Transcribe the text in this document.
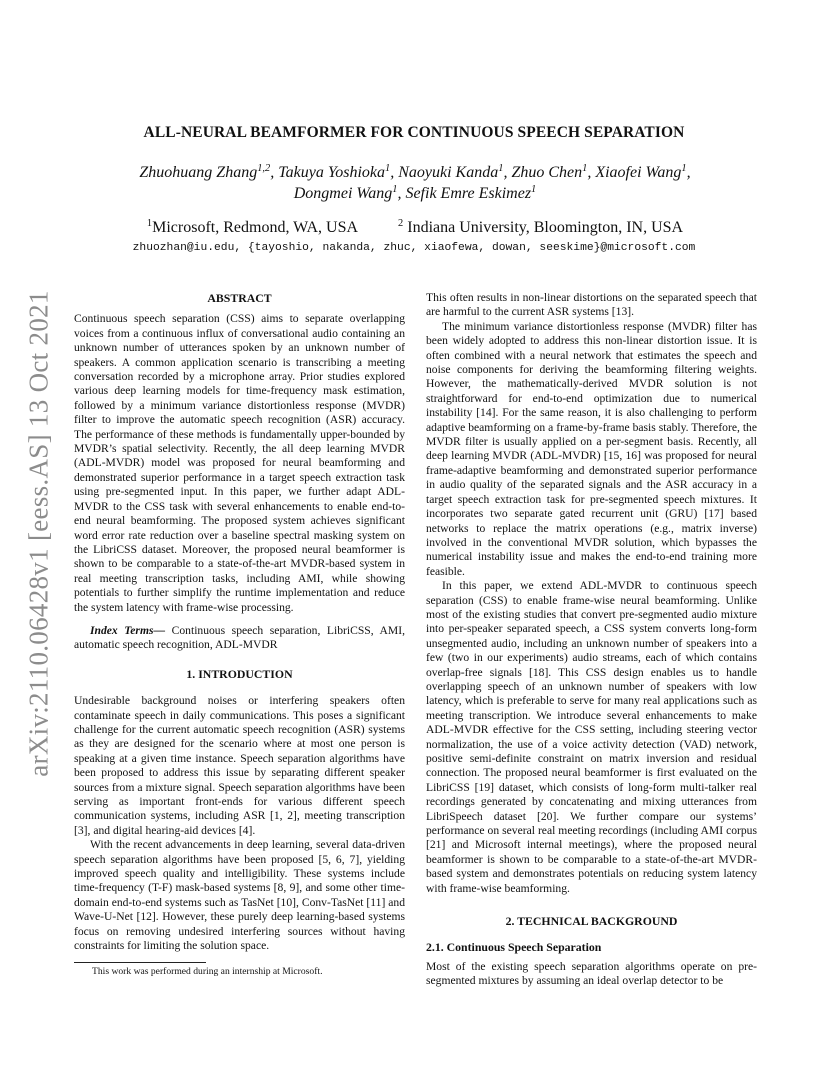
arXiv:2110.06428v1 [eess.AS] 13 Oct 2021
ALL-NEURAL BEAMFORMER FOR CONTINUOUS SPEECH SEPARATION
Zhuohuang Zhang$^{1,2}$, Takuya Yoshioka$^1$, Naoyuki Kanda$^1$, Zhuo Chen$^1$, Xiaofei Wang$^1$,
Dongmei Wang$^1$, Sefik Emre Eskimez$^1$
$^1$Microsoft, Redmond, WA, USA	$^2$ Indiana University, Bloomington, IN, USA
zhuozhan@iu.edu, {tayoshio, nakanda, zhuc, xiaofewa, dowan, seeskime}@microsoft.com

ABSTRACT

Continuous speech separation (CSS) aims to separate overlapping voices from a continuous influx of conversational audio containing an unknown number of utterances spoken by an unknown number of speakers. A common application scenario is transcribing a meeting conversation recorded by a microphone array. Prior studies explored various deep learning models for time-frequency mask estimation, followed by a minimum variance distortionless response (MVDR) filter to improve the automatic speech recognition (ASR) accuracy. The performance of these methods is fundamentally upper-bounded by MVDR’s spatial selectivity. Recently, the all deep learning MVDR (ADL-MVDR) model was proposed for neural beamforming and demonstrated superior performance in a target speech extraction task using pre-segmented input. In this paper, we further adapt ADL-MVDR to the CSS task with several enhancements to enable end-to-end neural beamforming. The proposed system achieves significant word error rate reduction over a baseline spectral masking system on the LibriCSS dataset. Moreover, the proposed neural beamformer is shown to be comparable to a state-of-the-art MVDR-based system in real meeting transcription tasks, including AMI, while showing potentials to further simplify the runtime implementation and reduce the system latency with frame-wise processing.

Index Terms— Continuous speech separation, LibriCSS, AMI, automatic speech recognition, ADL-MVDR

1. INTRODUCTION

Undesirable background noises or interfering speakers often contaminate speech in daily communications. This poses a significant challenge for the current automatic speech recognition (ASR) systems as they are designed for the scenario where at most one person is speaking at a given time instance. Speech separation algorithms have been proposed to address this issue by separating different speaker sources from a mixture signal. Speech separation algorithms have been serving as important front-ends for various different speech communication systems, including ASR [1, 2], meeting transcription [3], and digital hearing-aid devices [4].

With the recent advancements in deep learning, several data-driven speech separation algorithms have been proposed [5, 6, 7], yielding improved speech quality and intelligibility. These systems include time-frequency (T-F) mask-based systems [8, 9], and some other time-domain end-to-end systems such as TasNet [10], Conv-TasNet [11] and Wave-U-Net [12]. However, these purely deep learning-based systems focus on removing undesired interfering sources without having constraints for limiting the solution space.

This often results in non-linear distortions on the separated speech that are harmful to the current ASR systems [13].

The minimum variance distortionless response (MVDR) filter has been widely adopted to address this non-linear distortion issue. It is often combined with a neural network that estimates the speech and noise components for deriving the beamforming filtering weights. However, the mathematically-derived MVDR solution is not straightforward for end-to-end optimization due to numerical instability [14]. For the same reason, it is also challenging to perform adaptive beamforming on a frame-by-frame basis stably. Therefore, the MVDR filter is usually applied on a per-segment basis. Recently, all deep learning MVDR (ADL-MVDR) [15, 16] was proposed for neural frame-adaptive beamforming and demonstrated superior performance in audio quality of the separated signals and the ASR accuracy in a target speech extraction task for pre-segmented speech mixtures. It incorporates two separate gated recurrent unit (GRU) [17] based networks to replace the matrix operations (e.g., matrix inverse) involved in the conventional MVDR solution, which bypasses the numerical instability issue and makes the end-to-end training more feasible.

In this paper, we extend ADL-MVDR to continuous speech separation (CSS) to enable frame-wise neural beamforming. Unlike most of the existing studies that convert pre-segmented audio mixture into per-speaker separated speech, a CSS system converts long-form unsegmented audio, including an unknown number of speakers into a few (two in our experiments) audio streams, each of which contains overlap-free signals [18]. This CSS design enables us to handle overlapping speech of an unknown number of speakers with low latency, which is preferable to serve for many real applications such as meeting transcription. We introduce several enhancements to make ADL-MVDR effective for the CSS setting, including steering vector normalization, the use of a voice activity detection (VAD) network, positive semi-definite constraint on matrix inversion and residual connection. The proposed neural beamformer is first evaluated on the LibriCSS [19] dataset, which consists of long-form multi-talker real recordings generated by concatenating and mixing utterances from LibriSpeech dataset [20]. We further compare our systems’ performance on several real meeting recordings (including AMI corpus [21] and Microsoft internal meetings), where the proposed neural beamformer is shown to be comparable to a state-of-the-art MVDR-based system and demonstrates potentials on reducing system latency with frame-wise beamforming.

2. TECHNICAL BACKGROUND

2.1. Continuous Speech Separation

Most of the existing speech separation algorithms operate on pre-segmented mixtures by assuming an ideal overlap detector to be

This work was performed during an internship at Microsoft.
